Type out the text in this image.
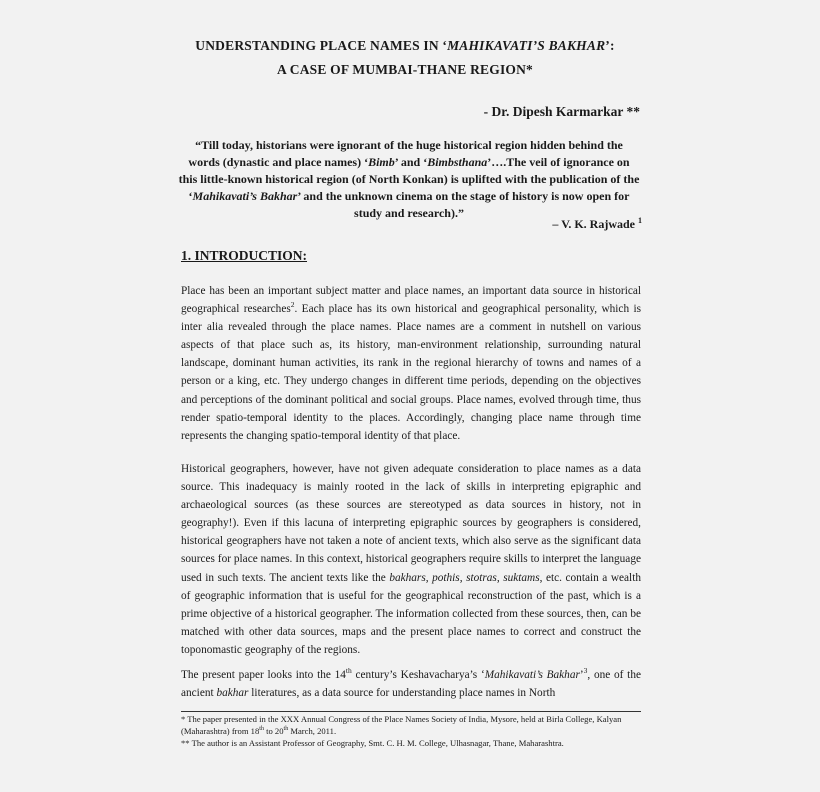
UNDERSTANDING PLACE NAMES IN ‘MAHIKAVATI’S BAKHAR’:
A CASE OF MUMBAI-THANE REGION*
- Dr. Dipesh Karmarkar **
“Till today, historians were ignorant of the huge historical region hidden behind the words (dynastic and place names) ‘Bimb’ and ‘Bimbsthana’….The veil of ignorance on this little-known historical region (of North Konkan) is uplifted with the publication of the ‘Mahikavati’s Bakhar’ and the unknown cinema on the stage of history is now open for study and research).”
– V. K. Rajwade $^1$
1. INTRODUCTION:
Place has been an important subject matter and place names, an important data source in historical geographical researches$^2$. Each place has its own historical and geographical personality, which is inter alia revealed through the place names. Place names are a comment in nutshell on various aspects of that place such as, its history, man-environment relationship, surrounding natural landscape, dominant human activities, its rank in the regional hierarchy of towns and names of a person or a king, etc. They undergo changes in different time periods, depending on the objectives and perceptions of the dominant political and social groups. Place names, evolved through time, thus render spatio-temporal identity to the places. Accordingly, changing place name through time represents the changing spatio-temporal identity of that place.
Historical geographers, however, have not given adequate consideration to place names as a data source. This inadequacy is mainly rooted in the lack of skills in interpreting epigraphic and archaeological sources (as these sources are stereotyped as data sources in history, not in geography!). Even if this lacuna of interpreting epigraphic sources by geographers is considered, historical geographers have not taken a note of ancient texts, which also serve as the significant data sources for place names. In this context, historical geographers require skills to interpret the language used in such texts. The ancient texts like the bakhars, pothis, stotras, suktams, etc. contain a wealth of geographic information that is useful for the geographical reconstruction of the past, which is a prime objective of a historical geographer. The information collected from these sources, then, can be matched with other data sources, maps and the present place names to correct and construct the toponomastic geography of the regions.
The present paper looks into the 14th century’s Keshavacharya’s ‘Mahikavati’s Bakhar’$^3$, one of the ancient bakhar literatures, as a data source for understanding place names in North
* The paper presented in the XXX Annual Congress of the Place Names Society of India, Mysore, held at Birla College, Kalyan (Maharashtra) from 18th to 20th March, 2011.
** The author is an Assistant Professor of Geography, Smt. C. H. M. College, Ulhasnagar, Thane, Maharashtra.
